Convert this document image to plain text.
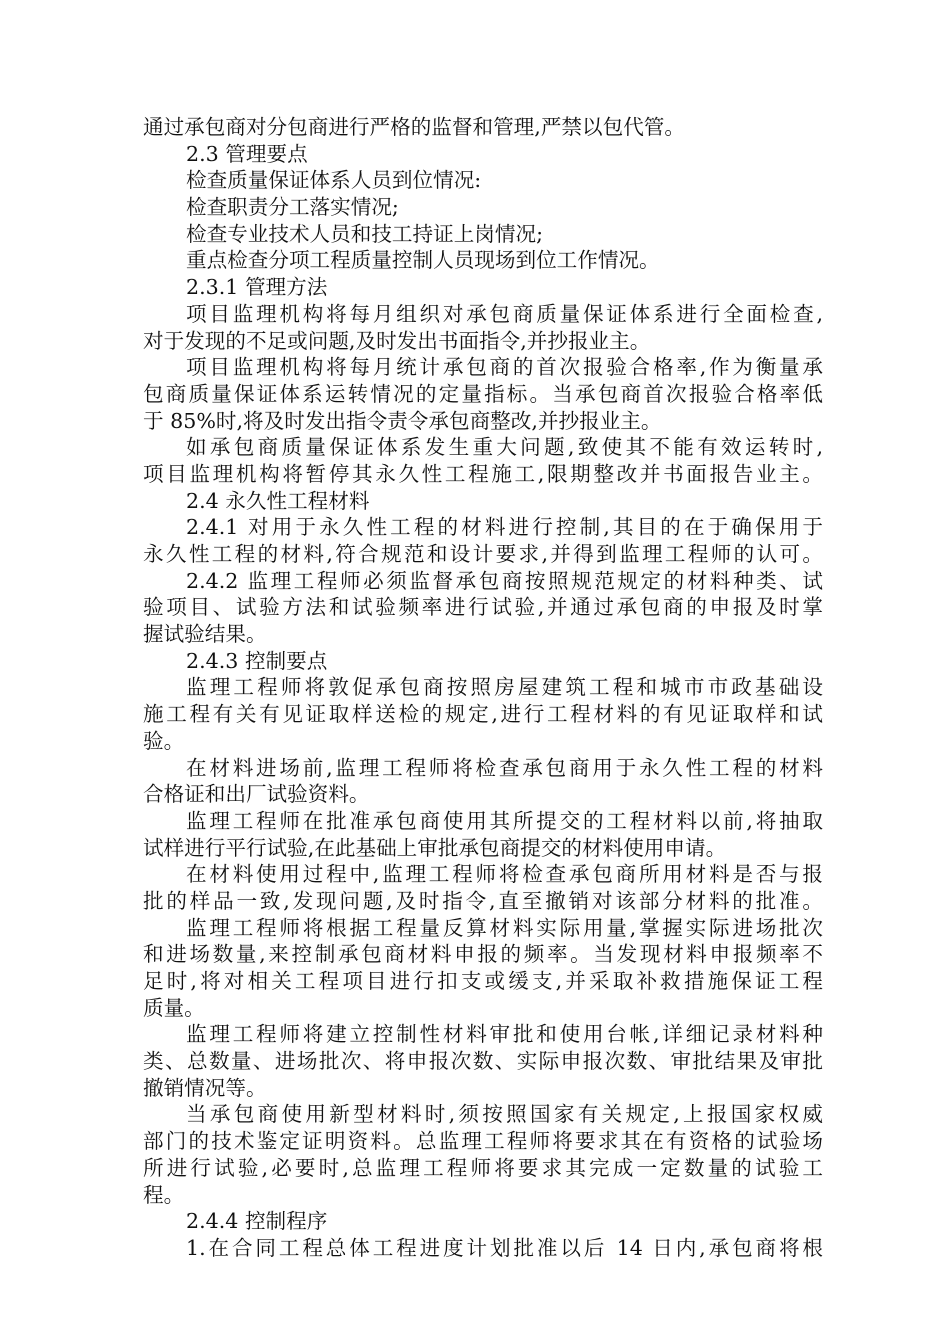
通过承包商对分包商进行严格的监督和管理,严禁以包代管。
2.3 管理要点
检查质量保证体系人员到位情况:
检查职责分工落实情况;
检查专业技术人员和技工持证上岗情况;
重点检查分项工程质量控制人员现场到位工作情况。
2.3.1 管理方法
项目监理机构将每月组织对承包商质量保证体系进行全面检查,
对于发现的不足或问题,及时发出书面指令,并抄报业主。
项目监理机构将每月统计承包商的首次报验合格率,作为衡量承
包商质量保证体系运转情况的定量指标。当承包商首次报验合格率低
于 85%时,将及时发出指令责令承包商整改,并抄报业主。
如承包商质量保证体系发生重大问题,致使其不能有效运转时,
项目监理机构将暂停其永久性工程施工,限期整改并书面报告业主。
2.4 永久性工程材料
2.4.1 对用于永久性工程的材料进行控制,其目的在于确保用于
永久性工程的材料,符合规范和设计要求,并得到监理工程师的认可。
2.4.2 监理工程师必须监督承包商按照规范规定的材料种类、试
验项目、试验方法和试验频率进行试验,并通过承包商的申报及时掌
握试验结果。
2.4.3 控制要点
监理工程师将敦促承包商按照房屋建筑工程和城市市政基础设
施工程有关有见证取样送检的规定,进行工程材料的有见证取样和试
验。
在材料进场前,监理工程师将检查承包商用于永久性工程的材料
合格证和出厂试验资料。
监理工程师在批准承包商使用其所提交的工程材料以前,将抽取
试样进行平行试验,在此基础上审批承包商提交的材料使用申请。
在材料使用过程中,监理工程师将检查承包商所用材料是否与报
批的样品一致,发现问题,及时指令,直至撤销对该部分材料的批准。
监理工程师将根据工程量反算材料实际用量,掌握实际进场批次
和进场数量,来控制承包商材料申报的频率。当发现材料申报频率不
足时,将对相关工程项目进行扣支或缓支,并采取补救措施保证工程
质量。
监理工程师将建立控制性材料审批和使用台帐,详细记录材料种
类、总数量、进场批次、将申报次数、实际申报次数、审批结果及审批
撤销情况等。
当承包商使用新型材料时,须按照国家有关规定,上报国家权威
部门的技术鉴定证明资料。总监理工程师将要求其在有资格的试验场
所进行试验,必要时,总监理工程师将要求其完成一定数量的试验工
程。
2.4.4 控制程序
1.在合同工程总体工程进度计划批准以后 14 日内,承包商将根
